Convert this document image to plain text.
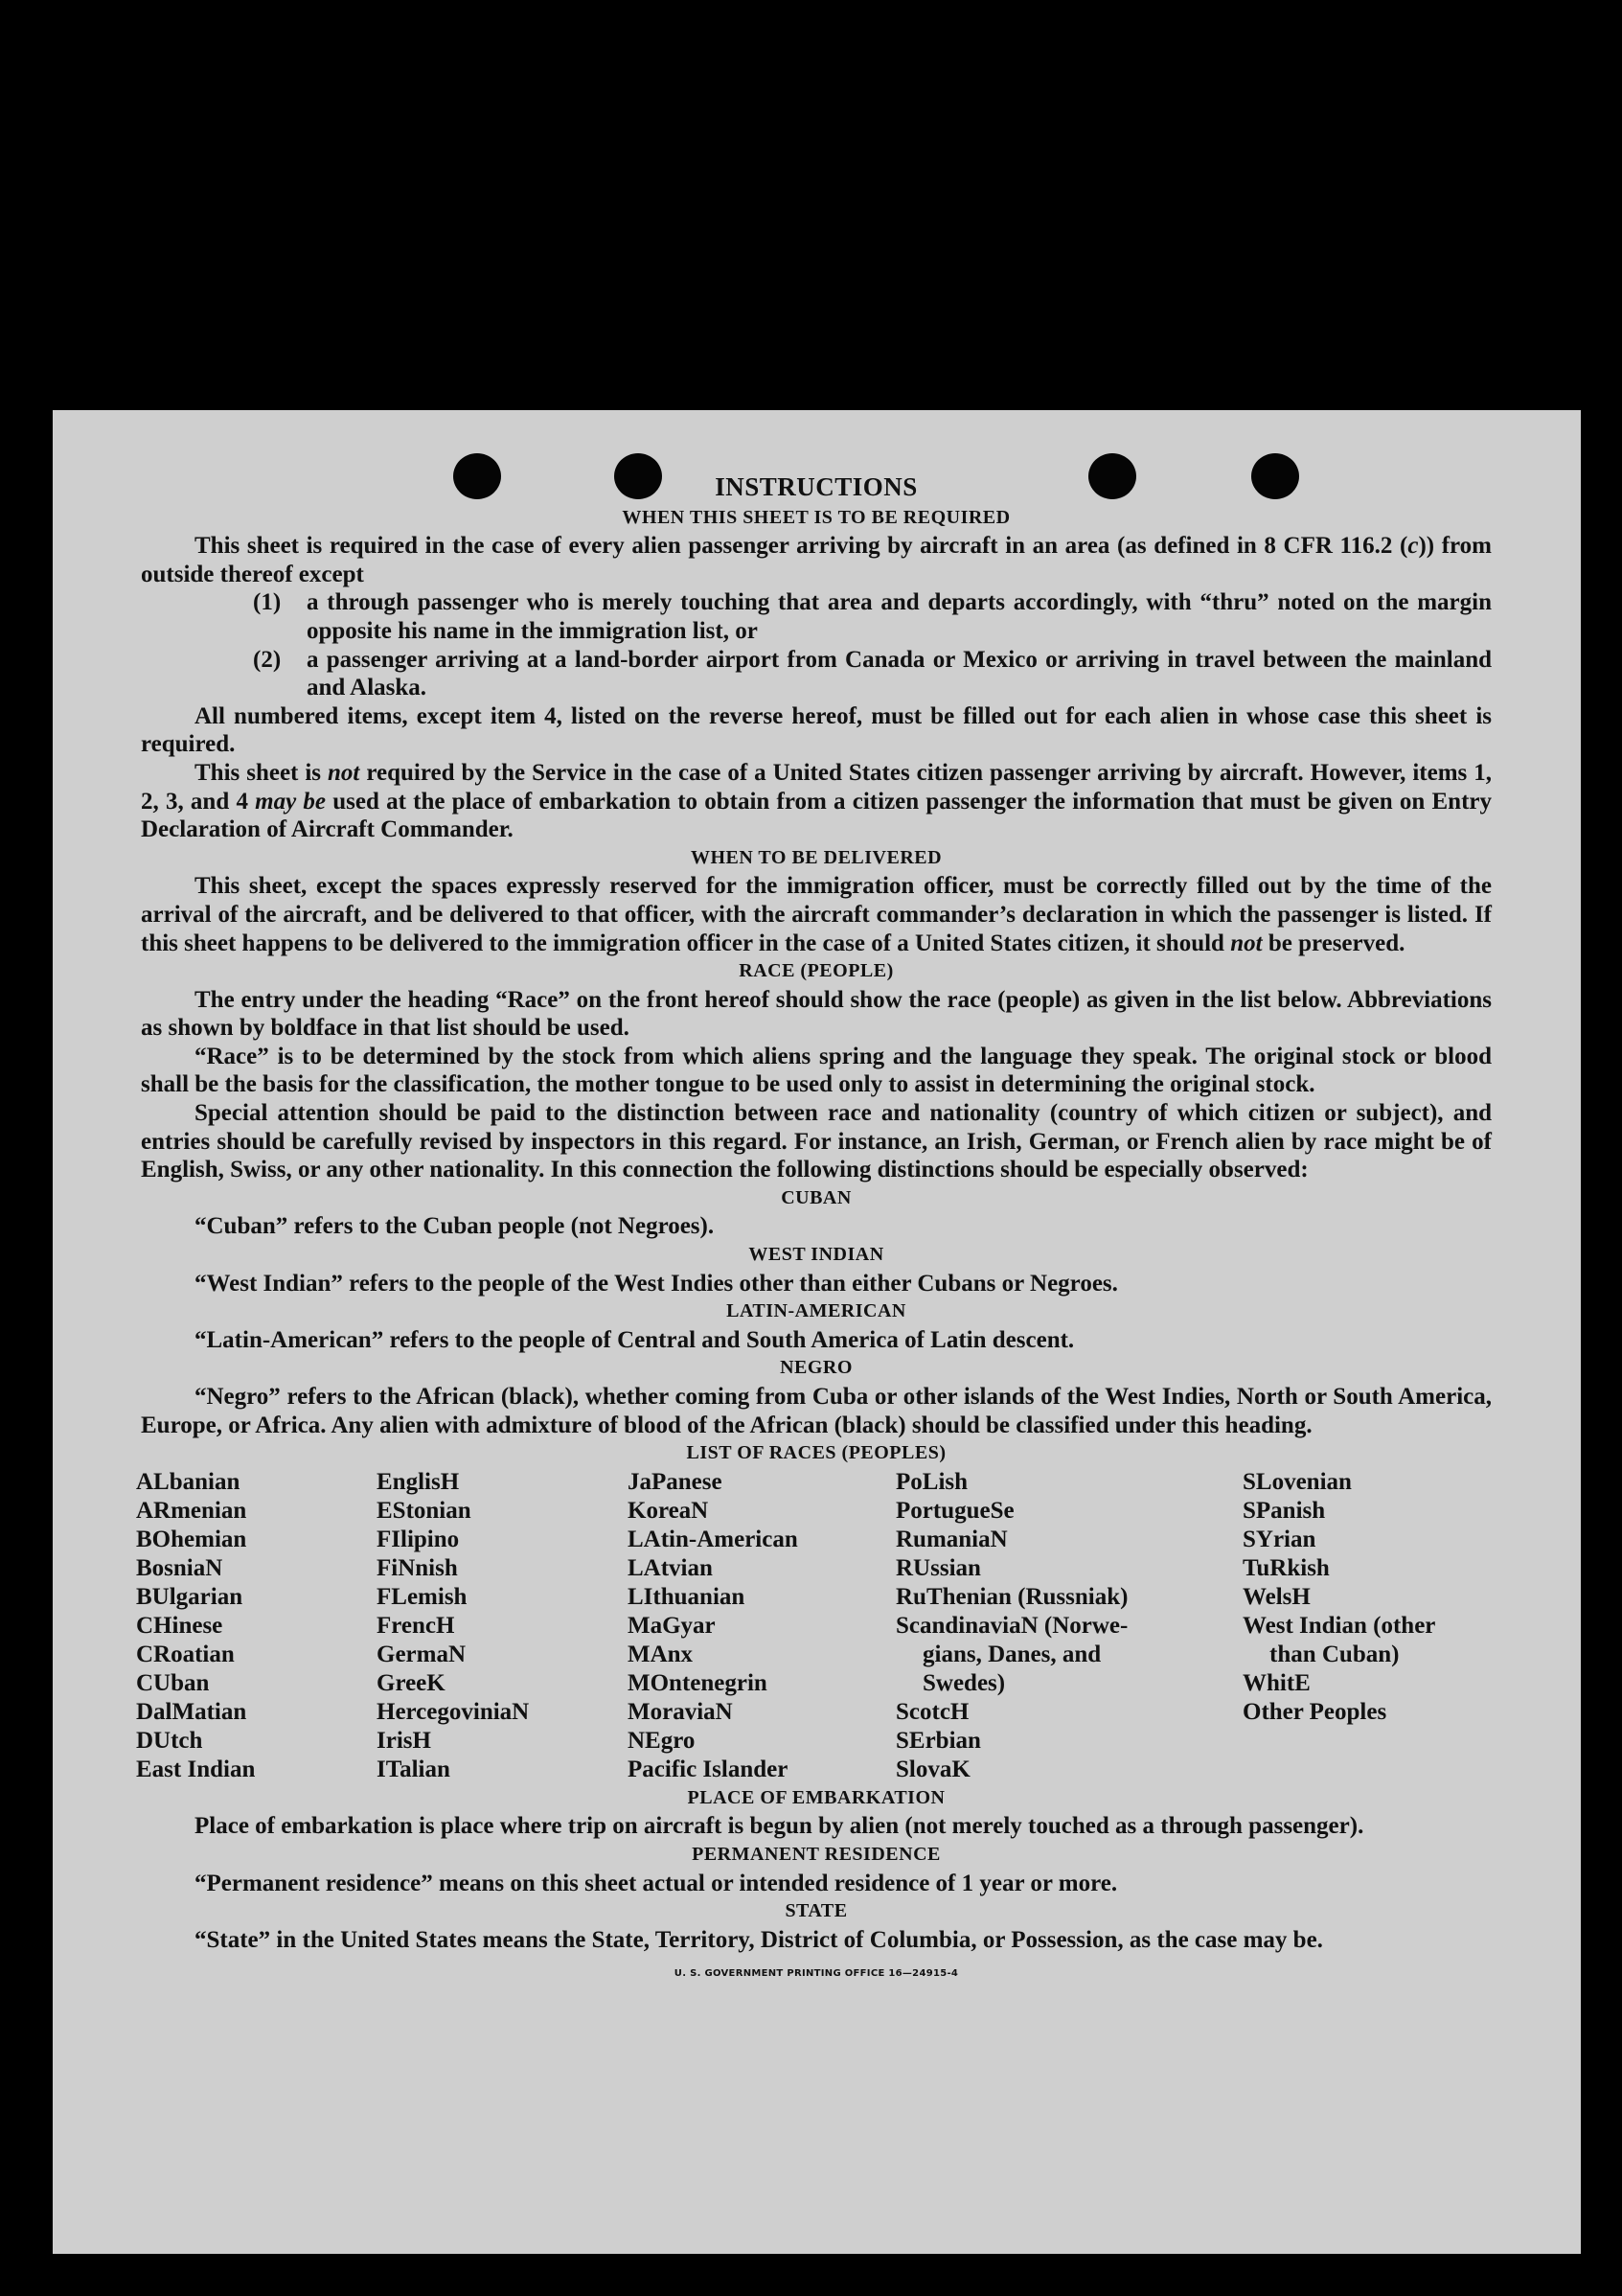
INSTRUCTIONS
WHEN THIS SHEET IS TO BE REQUIRED
This sheet is required in the case of every alien passenger arriving by aircraft in an area (as defined in 8 CFR 116.2 (c)) from outside thereof except
(1)	a through passenger who is merely touching that area and departs accordingly, with “thru” noted on the margin opposite his name in the immigration list, or
(2)	a passenger arriving at a land-border airport from Canada or Mexico or arriving in travel between the mainland and Alaska.
All numbered items, except item 4, listed on the reverse hereof, must be filled out for each alien in whose case this sheet is required.
This sheet is not required by the Service in the case of a United States citizen passenger arriving by aircraft. However, items 1, 2, 3, and 4 may be used at the place of embarkation to obtain from a citizen passenger the information that must be given on Entry Declaration of Aircraft Commander.
WHEN TO BE DELIVERED
This sheet, except the spaces expressly reserved for the immigration officer, must be correctly filled out by the time of the arrival of the aircraft, and be delivered to that officer, with the aircraft commander’s declaration in which the passenger is listed. If this sheet happens to be delivered to the immigration officer in the case of a United States citizen, it should not be preserved.
RACE (PEOPLE)
The entry under the heading “Race” on the front hereof should show the race (people) as given in the list below. Abbreviations as shown by boldface in that list should be used.
“Race” is to be determined by the stock from which aliens spring and the language they speak. The original stock or blood shall be the basis for the classification, the mother tongue to be used only to assist in determining the original stock.
Special attention should be paid to the distinction between race and nationality (country of which citizen or subject), and entries should be carefully revised by inspectors in this regard. For instance, an Irish, German, or French alien by race might be of English, Swiss, or any other nationality. In this connection the following distinctions should be especially observed:
CUBAN
“Cuban” refers to the Cuban people (not Negroes).
WEST INDIAN
“West Indian” refers to the people of the West Indies other than either Cubans or Negroes.
LATIN-AMERICAN
“Latin-American” refers to the people of Central and South America of Latin descent.
NEGRO
“Negro” refers to the African (black), whether coming from Cuba or other islands of the West Indies, North or South America, Europe, or Africa. Any alien with admixture of blood of the African (black) should be classified under this heading.
LIST OF RACES (PEOPLES)
ALbanian
ARmenian
BOhemian
BosniaN
BUlgarian
CHinese
CRoatian
CUban
DalMatian
DUtch
East Indian
EnglisH
EStonian
FIlipino
FiNnish
FLemish
FrencH
GermaN
GreeK
HercegoviniaN
IrisH
ITalian
JaPanese
KoreaN
LAtin-American
LAtvian
LIthuanian
MaGyar
MAnx
MOntenegrin
MoraviaN
NEgro
Pacific Islander
PoLish
PortugueSe
RumaniaN
RUssian
RuThenian (Russniak)
ScandinaviaN (Norwe-
gians, Danes, and
Swedes)
ScotcH
SErbian
SlovaK
SLovenian
SPanish
SYrian
TuRkish
WelsH
West Indian (other
than Cuban)
WhitE
Other Peoples
PLACE OF EMBARKATION
Place of embarkation is place where trip on aircraft is begun by alien (not merely touched as a through passenger).
PERMANENT RESIDENCE
“Permanent residence” means on this sheet actual or intended residence of 1 year or more.
STATE
“State” in the United States means the State, Territory, District of Columbia, or Possession, as the case may be.
U. S. GOVERNMENT PRINTING OFFICE 16—24915-4
